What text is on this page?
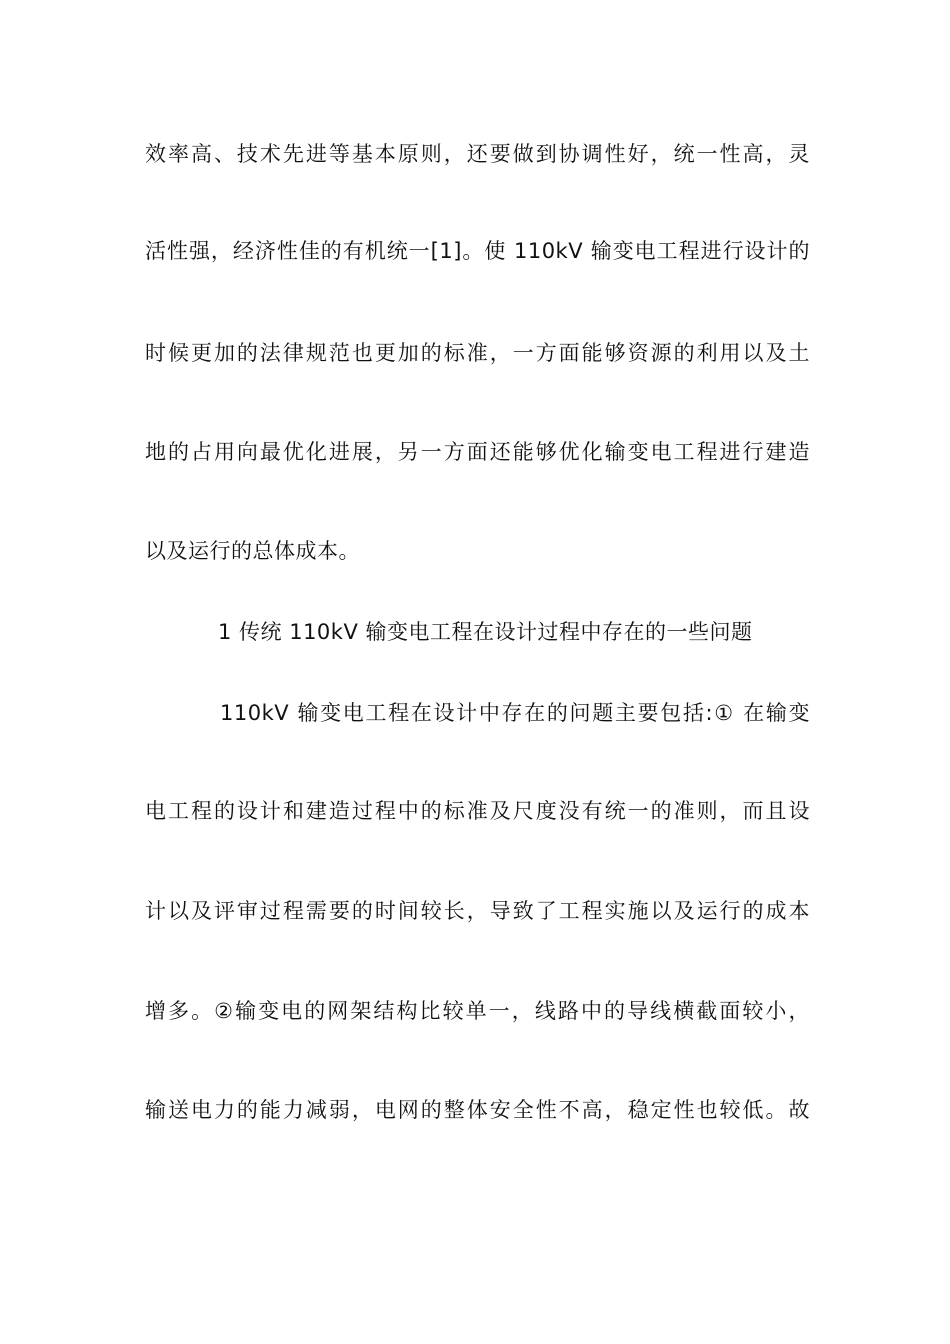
效率高、技术先进等基本原则，还要做到协调性好，统一性高，灵
活性强，经济性佳的有机统一[1]。使 110kV 输变电工程进行设计的
时候更加的法律规范也更加的标准，一方面能够资源的利用以及土
地的占用向最优化进展，另一方面还能够优化输变电工程进行建造
以及运行的总体成本。
1 传统 110kV 输变电工程在设计过程中存在的一些问题
110kV 输变电工程在设计中存在的问题主要包括:① 在输变
电工程的设计和建造过程中的标准及尺度没有统一的准则，而且设
计以及评审过程需要的时间较长，导致了工程实施以及运行的成本
增多。②输变电的网架结构比较单一，线路中的导线横截面较小，
输送电力的能力减弱，电网的整体安全性不高，稳定性也较低。故
